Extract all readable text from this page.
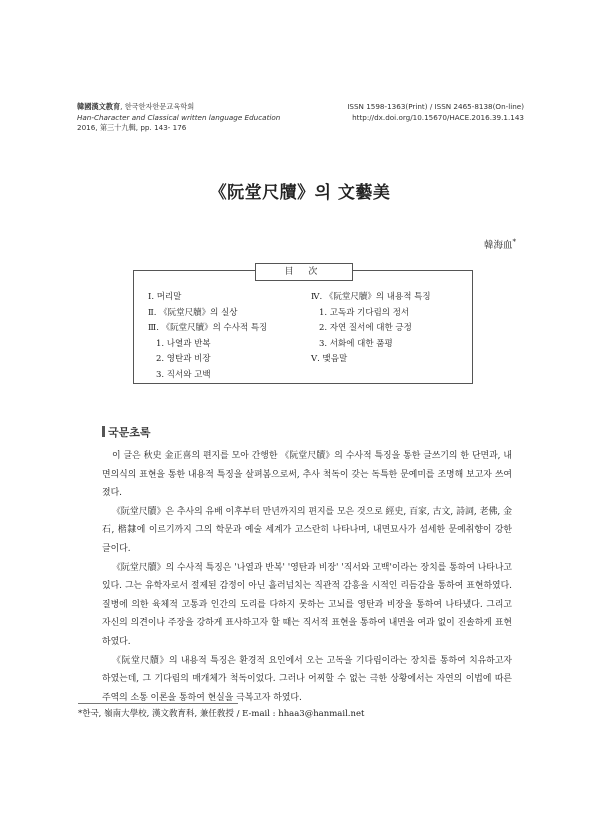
韓國漢文教育, 한국한자한문교육학회
Han-Character and Classical written language Education
2016, 第三十九輯, pp. 143- 176
ISSN 1598-1363(Print) / ISSN 2465-8138(On-line)
http://dx.doi.org/10.15670/HACE.2016.39.1.143
《阮堂尺牘》의 文藝美
韓海血*
目 次
Ⅰ. 머리말
Ⅱ. 《阮堂尺牘》의 실상
Ⅲ. 《阮堂尺牘》의 수사적 특징
1. 나열과 반복
2. 영탄과 비장
3. 직서와 고백
Ⅳ. 《阮堂尺牘》의 내용적 특징
1. 고독과 기다림의 정서
2. 자연 질서에 대한 긍정
3. 서화에 대한 품평
Ⅴ. 맺음말
국문초록

이 글은 秋史 金正喜의 편지를 모아 간행한 《阮堂尺牘》의 수사적 특징을 통한 글쓰기의 한 단면과, 내면의식의 표현을 통한 내용적 특징을 살펴봄으로써, 추사 척독이 갖는 독특한 문예미를 조명해 보고자 쓰여졌다.

《阮堂尺牘》은 추사의 유배 이후부터 만년까지의 편지를 모은 것으로 經史, 百家, 古文, 詩詞, 老佛, 金石, 楷隸에 이르기까지 그의 학문과 예술 세계가 고스란히 나타나며, 내면묘사가 섬세한 문예취향이 강한 글이다.

《阮堂尺牘》의 수사적 특징은 '나열과 반복' '영탄과 비장' '직서와 고백'이라는 장치를 통하여 나타나고 있다. 그는 유학자로서 절제된 감정이 아닌 흘러넘치는 직관적 감흥을 시적인 리듬감을 통하여 표현하였다. 질병에 의한 육체적 고통과 인간의 도리를 다하지 못하는 고뇌를 영탄과 비장을 통하여 나타냈다. 그리고 자신의 의견이나 주장을 강하게 표사하고자 할 때는 직서적 표현을 통하여 내면을 여과 없이 진솔하게 표현하였다.

《阮堂尺牘》의 내용적 특징은 환경적 요인에서 오는 고독을 기다림이라는 장치를 통하여 치유하고자 하였는데, 그 기다림의 매개체가 척독이었다. 그러나 어찌할 수 없는 극한 상황에서는 자연의 이법에 따른 주역의 소통 이론을 통하여 현실을 극복고자 하였다.

*한국, 嶺南大學校, 漢文敎育科, 兼任敎授 / E-mail : hhaa3@hanmail.net
